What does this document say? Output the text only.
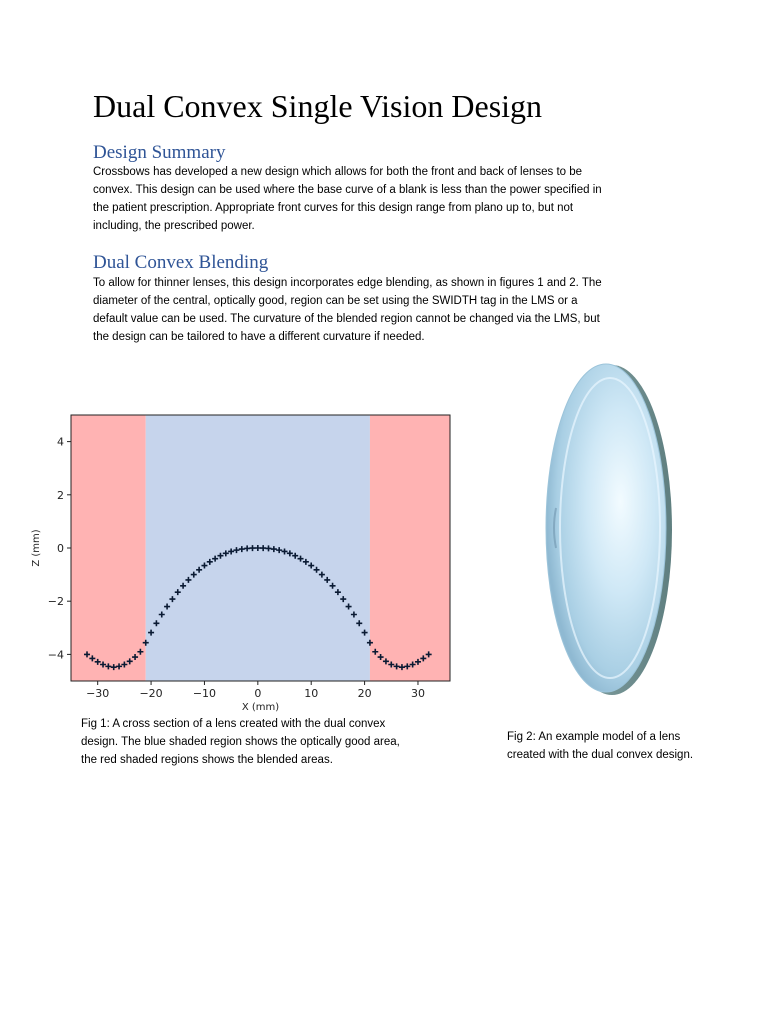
Dual Convex Single Vision Design
Design Summary
Crossbows has developed a new design which allows for both the front and back of lenses to be
convex. This design can be used where the base curve of a blank is less than the power specified in
the patient prescription. Appropriate front curves for this design range from plano up to, but not
including, the prescribed power.
Dual Convex Blending
To allow for thinner lenses, this design incorporates edge blending, as shown in figures 1 and 2. The
diameter of the central, optically good, region can be set using the SWIDTH tag in the LMS or a
default value can be used. The curvature of the blended region cannot be changed via the LMS, but
the design can be tailored to have a different curvature if needed.
−30	−20	−10	0	10	20	30
4
2
0
−2
−4
X (mm)
Z (mm)
Fig 1: A cross section of a lens created with the dual convex
design. The blue shaded region shows the optically good area,
the red shaded regions shows the blended areas.
Fig 2: An example model of a lens
created with the dual convex design.
